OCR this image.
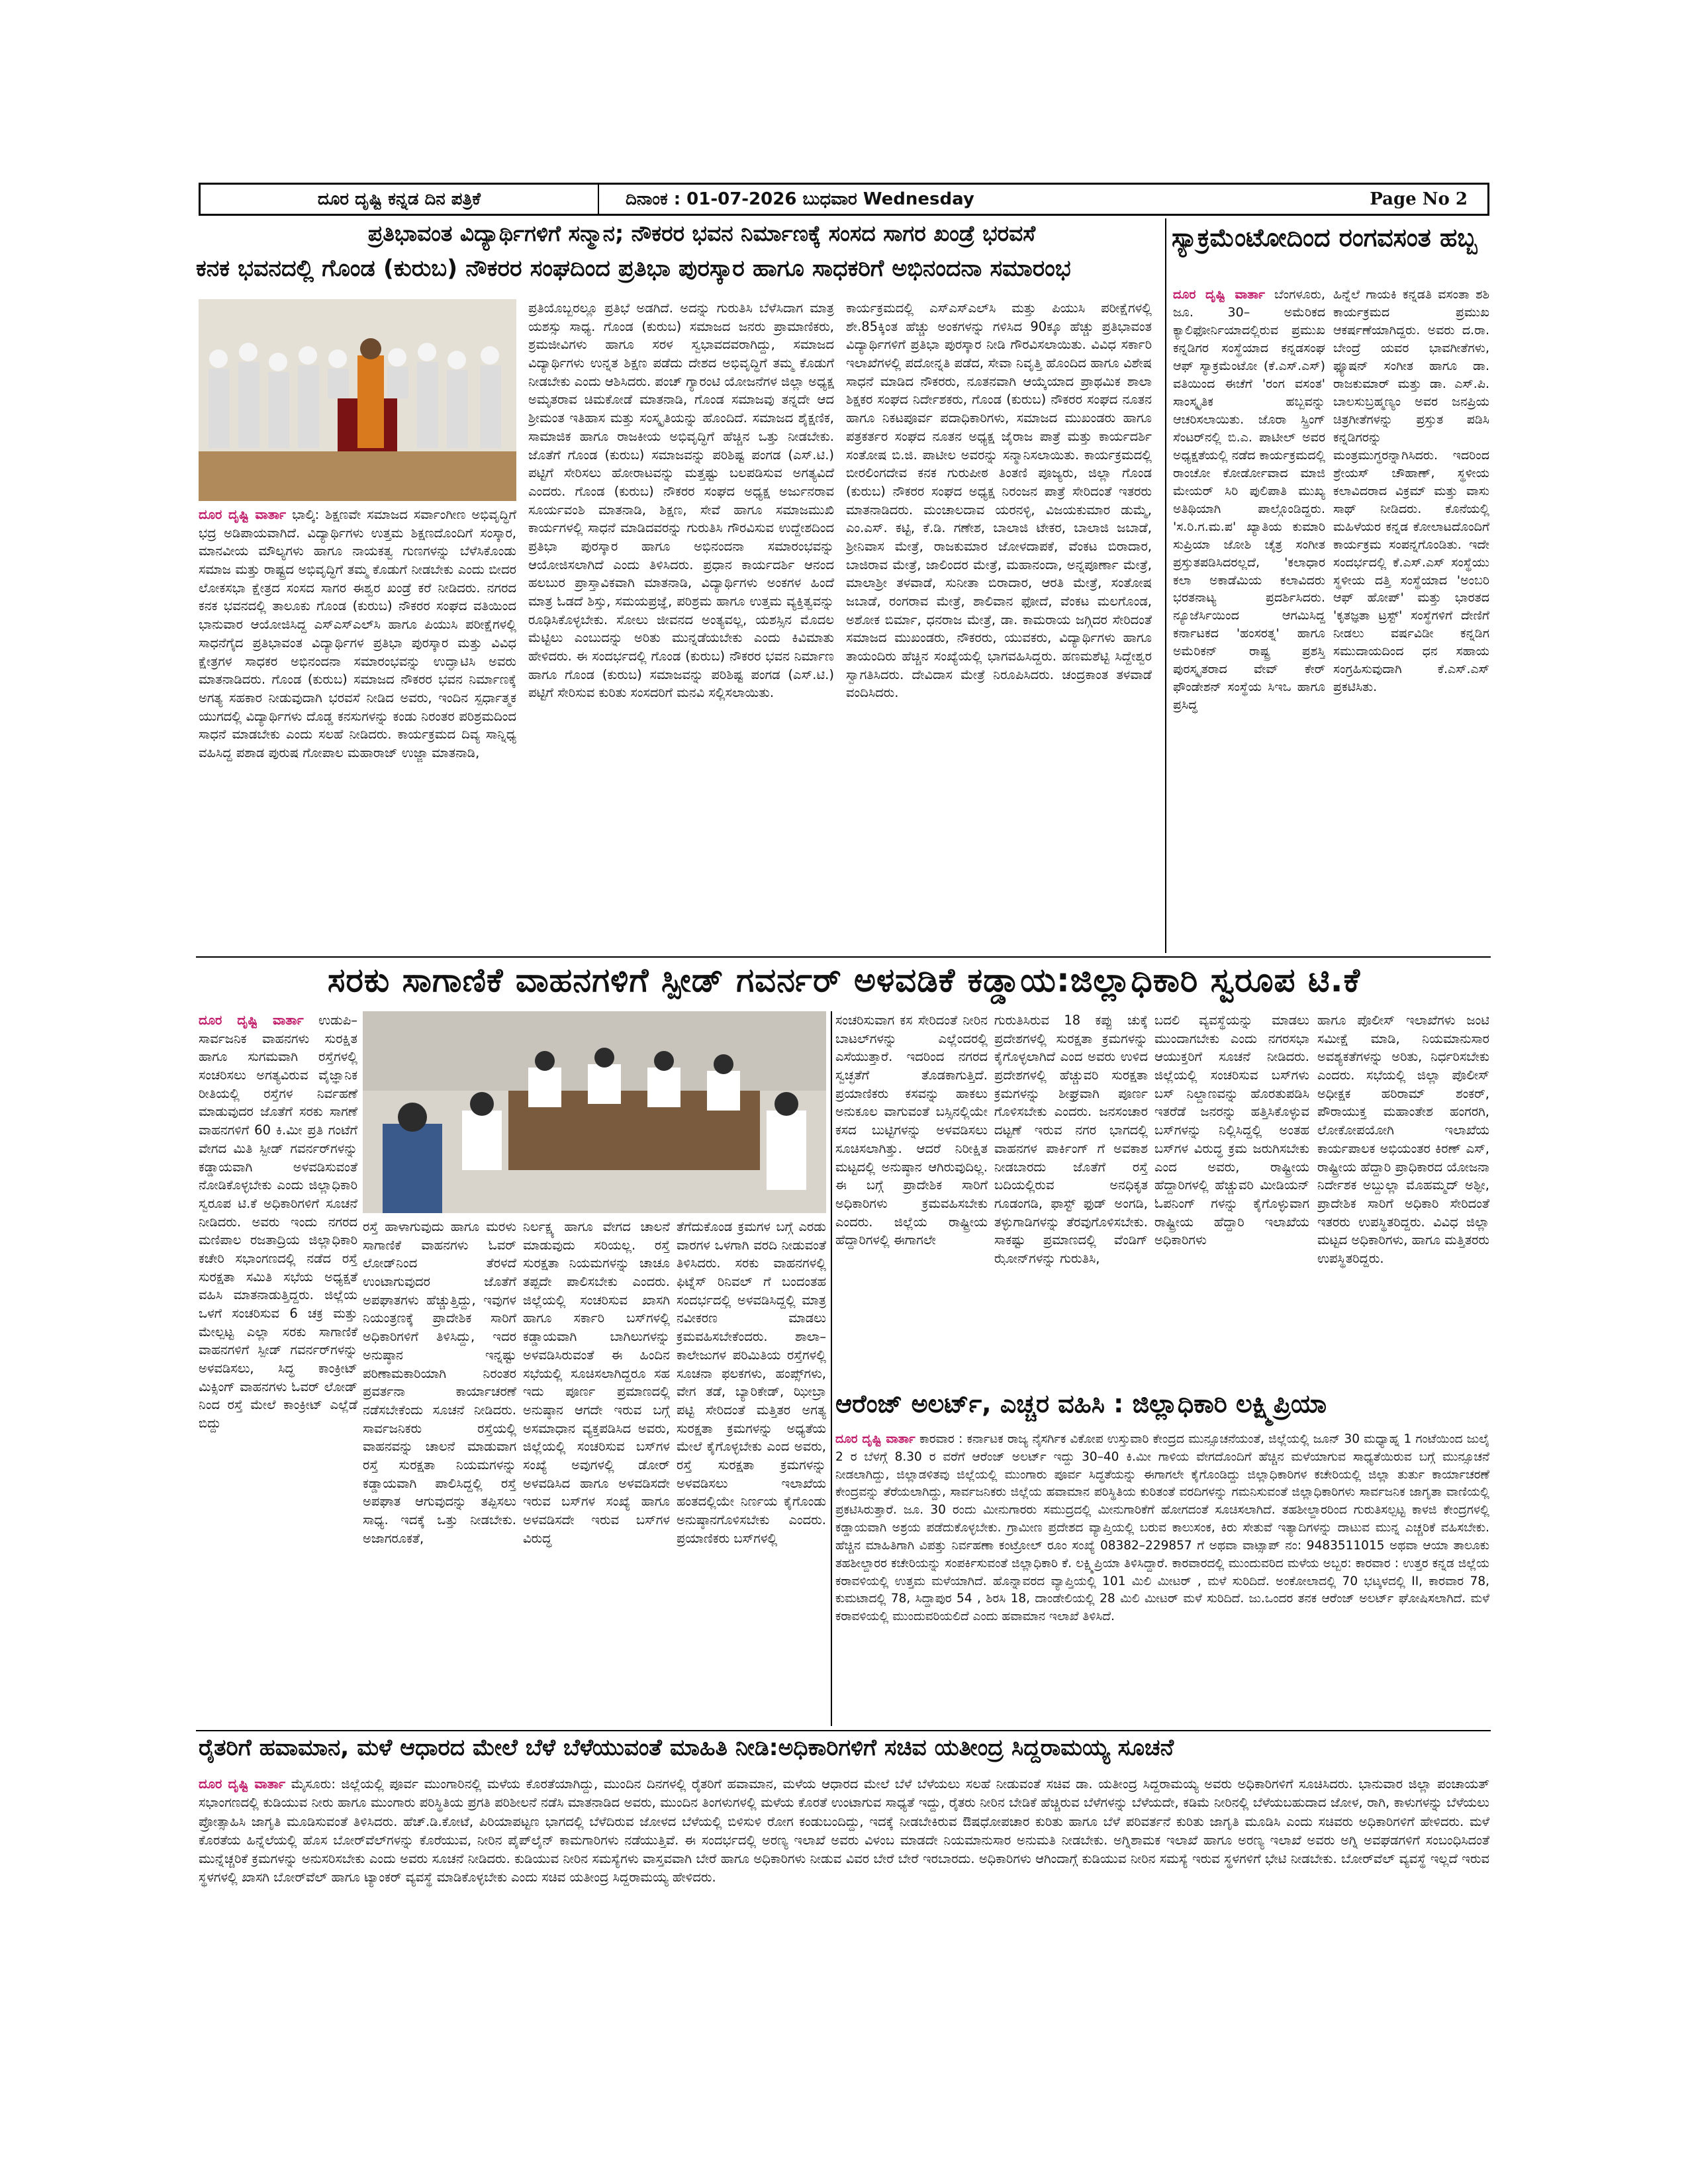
ದೂರ ದೃಷ್ಟಿ ಕನ್ನಡ ದಿನ ಪತ್ರಿಕೆ	ದಿನಾಂಕ : 01-07-2026 ಬುಧವಾರ Wednesday	Page No 2
ಪ್ರತಿಭಾವಂತ ವಿದ್ಯಾರ್ಥಿಗಳಿಗೆ ಸನ್ಮಾನ; ನೌಕರರ ಭವನ ನಿರ್ಮಾಣಕ್ಕೆ ಸಂಸದ ಸಾಗರ ಖಂಡ್ರೆ ಭರವಸೆ
ಕನಕ ಭವನದಲ್ಲಿ ಗೊಂಡ (ಕುರುಬ) ನೌಕರರ ಸಂಘದಿಂದ ಪ್ರತಿಭಾ ಪುರಸ್ಕಾರ ಹಾಗೂ ಸಾಧಕರಿಗೆ ಅಭಿನಂದನಾ ಸಮಾರಂಭ
ದೂರ ದೃಷ್ಟಿ ವಾರ್ತಾ ಭಾಲ್ಕಿ: ಶಿಕ್ಷಣವೇ ಸಮಾಜದ ಸರ್ವಾಂಗೀಣ ಅಭಿವೃದ್ಧಿಗೆ ಭದ್ರ ಅಡಿಪಾಯವಾಗಿದೆ. ವಿದ್ಯಾರ್ಥಿಗಳು ಉತ್ತಮ ಶಿಕ್ಷಣದೊಂದಿಗೆ ಸಂಸ್ಕಾರ, ಮಾನವೀಯ ಮೌಲ್ಯಗಳು ಹಾಗೂ ನಾಯಕತ್ವ ಗುಣಗಳನ್ನು ಬೆಳೆಸಿಕೊಂಡು ಸಮಾಜ ಮತ್ತು ರಾಷ್ಟ್ರದ ಅಭಿವೃದ್ಧಿಗೆ ತಮ್ಮ ಕೊಡುಗೆ ನೀಡಬೇಕು ಎಂದು ಬೀದರ ಲೋಕಸಭಾ ಕ್ಷೇತ್ರದ ಸಂಸದ ಸಾಗರ ಈಶ್ವರ ಖಂಡ್ರೆ ಕರೆ ನೀಡಿದರು. ನಗರದ ಕನಕ ಭವನದಲ್ಲಿ ತಾಲೂಕು ಗೊಂಡ (ಕುರುಬ) ನೌಕರರ ಸಂಘದ ವತಿಯಿಂದ ಭಾನುವಾರ ಆಯೋಜಿಸಿದ್ದ ಎಸ್‌ಎಸ್‌ಎಲ್‌ಸಿ ಹಾಗೂ ಪಿಯುಸಿ ಪರೀಕ್ಷೆಗಳಲ್ಲಿ ಸಾಧನೆಗೈದ ಪ್ರತಿಭಾವಂತ ವಿದ್ಯಾರ್ಥಿಗಳ ಪ್ರತಿಭಾ ಪುರಸ್ಕಾರ ಮತ್ತು ವಿವಿಧ ಕ್ಷೇತ್ರಗಳ ಸಾಧಕರ ಅಭಿನಂದನಾ ಸಮಾರಂಭವನ್ನು ಉದ್ಘಾಟಿಸಿ ಅವರು ಮಾತನಾಡಿದರು. ಗೊಂಡ (ಕುರುಬ) ಸಮಾಜದ ನೌಕರರ ಭವನ ನಿರ್ಮಾಣಕ್ಕೆ ಅಗತ್ಯ ಸಹಕಾರ ನೀಡುವುದಾಗಿ ಭರವಸೆ ನೀಡಿದ ಅವರು, ಇಂದಿನ ಸ್ಪರ್ಧಾತ್ಮಕ ಯುಗದಲ್ಲಿ ವಿದ್ಯಾರ್ಥಿಗಳು ದೊಡ್ಡ ಕನಸುಗಳನ್ನು ಕಂಡು ನಿರಂತರ ಪರಿಶ್ರಮದಿಂದ ಸಾಧನೆ ಮಾಡಬೇಕು ಎಂದು ಸಲಹೆ ನೀಡಿದರು. ಕಾರ್ಯಕ್ರಮದ ದಿವ್ಯ ಸಾನ್ನಿಧ್ಯ ವಹಿಸಿದ್ದ ಪಶಾಡ ಪುರುಷ ಗೋಪಾಲ ಮಹಾರಾಜ್ ಉಜ್ಜಾ ಮಾತನಾಡಿ,
ಪ್ರತಿಯೊಬ್ಬರಲ್ಲೂ ಪ್ರತಿಭೆ ಅಡಗಿದೆ. ಅದನ್ನು ಗುರುತಿಸಿ ಬೆಳೆಸಿದಾಗ ಮಾತ್ರ ಯಶಸ್ಸು ಸಾಧ್ಯ. ಗೊಂಡ (ಕುರುಬ) ಸಮಾಜದ ಜನರು ಪ್ರಾಮಾಣಿಕರು, ಶ್ರಮಜೀವಿಗಳು ಹಾಗೂ ಸರಳ ಸ್ವಭಾವದವರಾಗಿದ್ದು, ಸಮಾಜದ ವಿದ್ಯಾರ್ಥಿಗಳು ಉನ್ನತ ಶಿಕ್ಷಣ ಪಡೆದು ದೇಶದ ಅಭಿವೃದ್ಧಿಗೆ ತಮ್ಮ ಕೊಡುಗೆ ನೀಡಬೇಕು ಎಂದು ಆಶಿಸಿದರು. ಪಂಚ್ ಗ್ಯಾರಂಟಿ ಯೋಜನೆಗಳ ಜಿಲ್ಲಾ ಅಧ್ಯಕ್ಷ ಅಮೃತರಾವ ಚಿಮಕೋಡೆ ಮಾತನಾಡಿ, ಗೊಂಡ ಸಮಾಜವು ತನ್ನದೇ ಆದ ಶ್ರೀಮಂತ ಇತಿಹಾಸ ಮತ್ತು ಸಂಸ್ಕೃತಿಯನ್ನು ಹೊಂದಿದೆ. ಸಮಾಜದ ಶೈಕ್ಷಣಿಕ, ಸಾಮಾಜಿಕ ಹಾಗೂ ರಾಜಕೀಯ ಅಭಿವೃದ್ಧಿಗೆ ಹೆಚ್ಚಿನ ಒತ್ತು ನೀಡಬೇಕು. ಜೊತೆಗೆ ಗೊಂಡ (ಕುರುಬ) ಸಮಾಜವನ್ನು ಪರಿಶಿಷ್ಟ ಪಂಗಡ (ಎಸ್.ಟಿ.) ಪಟ್ಟಿಗೆ ಸೇರಿಸಲು ಹೋರಾಟವನ್ನು ಮತ್ತಷ್ಟು ಬಲಪಡಿಸುವ ಅಗತ್ಯವಿದೆ ಎಂದರು. ಗೊಂಡ (ಕುರುಬ) ನೌಕರರ ಸಂಘದ ಅಧ್ಯಕ್ಷ ಅರ್ಜುನರಾವ ಸೂರ್ಯವಂಶಿ ಮಾತನಾಡಿ, ಶಿಕ್ಷಣ, ಸೇವೆ ಹಾಗೂ ಸಮಾಜಮುಖಿ ಕಾರ್ಯಗಳಲ್ಲಿ ಸಾಧನೆ ಮಾಡಿದವರನ್ನು ಗುರುತಿಸಿ ಗೌರವಿಸುವ ಉದ್ದೇಶದಿಂದ ಪ್ರತಿಭಾ ಪುರಸ್ಕಾರ ಹಾಗೂ ಅಭಿನಂದನಾ ಸಮಾರಂಭವನ್ನು ಆಯೋಜಿಸಲಾಗಿದೆ ಎಂದು ತಿಳಿಸಿದರು. ಪ್ರಧಾನ ಕಾರ್ಯದರ್ಶಿ ಆನಂದ ಹಲಬುರ ಪ್ರಾಸ್ತಾವಿಕವಾಗಿ ಮಾತನಾಡಿ, ವಿದ್ಯಾರ್ಥಿಗಳು ಅಂಕಗಳ ಹಿಂದೆ ಮಾತ್ರ ಓಡದೆ ಶಿಸ್ತು, ಸಮಯಪ್ರಜ್ಞೆ, ಪರಿಶ್ರಮ ಹಾಗೂ ಉತ್ತಮ ವ್ಯಕ್ತಿತ್ವವನ್ನು ರೂಢಿಸಿಕೊಳ್ಳಬೇಕು. ಸೋಲು ಜೀವನದ ಅಂತ್ಯವಲ್ಲ, ಯಶಸ್ಸಿನ ಮೊದಲ ಮೆಟ್ಟಿಲು ಎಂಬುದನ್ನು ಅರಿತು ಮುನ್ನಡೆಯಬೇಕು ಎಂದು ಕಿವಿಮಾತು ಹೇಳಿದರು. ಈ ಸಂದರ್ಭದಲ್ಲಿ ಗೊಂಡ (ಕುರುಬ) ನೌಕರರ ಭವನ ನಿರ್ಮಾಣ ಹಾಗೂ ಗೊಂಡ (ಕುರುಬ) ಸಮಾಜವನ್ನು ಪರಿಶಿಷ್ಟ ಪಂಗಡ (ಎಸ್.ಟಿ.) ಪಟ್ಟಿಗೆ ಸೇರಿಸುವ ಕುರಿತು ಸಂಸದರಿಗೆ ಮನವಿ ಸಲ್ಲಿಸಲಾಯಿತು.
ಕಾರ್ಯಕ್ರಮದಲ್ಲಿ ಎಸ್‌ಎಸ್‌ಎಲ್‌ಸಿ ಮತ್ತು ಪಿಯುಸಿ ಪರೀಕ್ಷೆಗಳಲ್ಲಿ ಶೇ.85ಕ್ಕಿಂತ ಹೆಚ್ಚು ಅಂಕಗಳನ್ನು ಗಳಿಸಿದ 90ಕ್ಕೂ ಹೆಚ್ಚು ಪ್ರತಿಭಾವಂತ ವಿದ್ಯಾರ್ಥಿಗಳಿಗೆ ಪ್ರತಿಭಾ ಪುರಸ್ಕಾರ ನೀಡಿ ಗೌರವಿಸಲಾಯಿತು. ವಿವಿಧ ಸರ್ಕಾರಿ ಇಲಾಖೆಗಳಲ್ಲಿ ಪದೋನ್ನತಿ ಪಡೆದ, ಸೇವಾ ನಿವೃತ್ತಿ ಹೊಂದಿದ ಹಾಗೂ ವಿಶೇಷ ಸಾಧನೆ ಮಾಡಿದ ನೌಕರರು, ನೂತನವಾಗಿ ಆಯ್ಕೆಯಾದ ಪ್ರಾಥಮಿಕ ಶಾಲಾ ಶಿಕ್ಷಕರ ಸಂಘದ ನಿರ್ದೇಶಕರು, ಗೊಂಡ (ಕುರುಬ) ನೌಕರರ ಸಂಘದ ನೂತನ ಹಾಗೂ ನಿಕಟಪೂರ್ವ ಪದಾಧಿಕಾರಿಗಳು, ಸಮಾಜದ ಮುಖಂಡರು ಹಾಗೂ ಪತ್ರಕರ್ತರ ಸಂಘದ ನೂತನ ಅಧ್ಯಕ್ಷ ಜೈರಾಜ ಪಾತ್ರೆ ಮತ್ತು ಕಾರ್ಯದರ್ಶಿ ಸಂತೋಷ ಬಿ.ಜಿ. ಪಾಟೀಲ ಅವರನ್ನು ಸನ್ಮಾನಿಸಲಾಯಿತು. ಕಾರ್ಯಕ್ರಮದಲ್ಲಿ ಬೀರಲಿಂಗದೇವ ಕನಕ ಗುರುಪೀಠ ತಿಂತಣಿ ಪೂಜ್ಯರು, ಜಿಲ್ಲಾ ಗೊಂಡ (ಕುರುಬ) ನೌಕರರ ಸಂಘದ ಅಧ್ಯಕ್ಷ ನಿರಂಜನ ಪಾತ್ರೆ ಸೇರಿದಂತೆ ಇತರರು ಮಾತನಾಡಿದರು. ಮಂಚಾಲದಾವ ಯರನಳ್ಳಿ, ವಿಜಯಕುಮಾರ ಡುಮ್ಮೆ, ಎಂ.ಎಸ್. ಕಟ್ಟಿ, ಕೆ.ಡಿ. ಗಣೇಶ, ಬಾಲಾಜಿ ಟೇಕರ, ಬಾಲಾಜಿ ಜಬಾಡೆ, ಶ್ರೀನಿವಾಸ ಮೇತ್ರೆ, ರಾಜಕುಮಾರ ಜೋಳದಾಪಕೆ, ವೆಂಕಟ ಬಿರಾದಾರ, ಬಾಜಿರಾವ ಮೇತ್ರೆ, ಜಾಲಿಂದರ ಮೇತ್ರೆ, ಮಹಾನಂದಾ, ಅನ್ನಪೂರ್ಣಾ ಮೇತ್ರೆ, ಮಾಲಾಶ್ರೀ ತಳವಾಡೆ, ಸುನೀತಾ ಬಿರಾದಾರ, ಆರತಿ ಮೇತ್ರೆ, ಸಂತೋಷ ಜಬಾಡೆ, ರಂಗರಾವ ಮೇತ್ರೆ, ಶಾಲಿವಾನ ಫೋದೆ, ವೆಂಕಟ ಮಲಗೊಂಡ, ಅಶೋಕ ಬಿರ್ಮಾ, ಧನರಾಜ ಮೇತ್ರೆ, ಡಾ. ಕಾಮರಾಯ ಜಗ್ಗಿದರ ಸೇರಿದಂತೆ ಸಮಾಜದ ಮುಖಂಡರು, ನೌಕರರು, ಯುವಕರು, ವಿದ್ಯಾರ್ಥಿಗಳು ಹಾಗೂ ತಾಯಂದಿರು ಹೆಚ್ಚಿನ ಸಂಖ್ಯೆಯಲ್ಲಿ ಭಾಗವಹಿಸಿದ್ದರು. ಹಣಮಶೆಟ್ಟಿ ಸಿದ್ದೇಶ್ವರ ಸ್ವಾಗತಿಸಿದರು. ದೇವಿದಾಸ ಮೇತ್ರೆ ನಿರೂಪಿಸಿದರು. ಚಂದ್ರಕಾಂತ ತಳವಾಡೆ ವಂದಿಸಿದರು.
ಸ್ಯಾಕ್ರಮೆಂಟೋದಿಂದ ರಂಗವಸಂತ ಹಬ್ಬ
ದೂರ ದೃಷ್ಟಿ ವಾರ್ತಾ ಬೆಂಗಳೂರು, ಜೂ. 30– ಅಮೆರಿಕದ ಕ್ಯಾಲಿಫೋರ್ನಿಯಾದಲ್ಲಿರುವ ಪ್ರಮುಖ ಕನ್ನಡಿಗರ ಸಂಸ್ಥೆಯಾದ ಕನ್ನಡಸಂಘ ಆಫ್ ಸ್ಯಾಕ್ರಮೆಂಟೋ (ಕೆ.ಎಸ್.ಎಸ್) ವತಿಯಿಂದ ಈಚೆಗೆ 'ರಂಗ ವಸಂತ' ಸಾಂಸ್ಕೃತಿಕ ಹಬ್ಬವನ್ನು ಆಚರಿಸಲಾಯಿತು. ಜೊರಾ ಸ್ಪ್ರಿಂಗ್ ಸೆಂಟರ್‌ನಲ್ಲಿ ಬಿ.ಎ. ಪಾಟೀಲ್ ಅವರ ಅಧ್ಯಕ್ಷತೆಯಲ್ಲಿ ನಡೆದ ಕಾರ್ಯಕ್ರಮದಲ್ಲಿ ರಾಂಚೋ ಕೋರ್ಡೋವಾದ ಮಾಜಿ ಮೇಯರ್ ಸಿರಿ ಪುಲಿಪಾತಿ ಮುಖ್ಯ ಅತಿಥಿಯಾಗಿ ಪಾಲ್ಗೊಂಡಿದ್ದರು. 'ಸ.ರಿ.ಗ.ಮ.ಪ' ಖ್ಯಾತಿಯ ಕುಮಾರಿ ಸುಪ್ರಿಯಾ ಜೋಶಿ ಚೈತ್ರ ಸಂಗೀತ ಪ್ರಸ್ತುತಪಡಿಸಿದರಲ್ಲದೆ, 'ಕಲಾಧಾರ ಕಲಾ ಅಕಾಡೆಮಿಯ ಕಲಾವಿದರು ಭರತನಾಟ್ಯ ಪ್ರದರ್ಶಿಸಿದರು. ನ್ಯೂಜೆರ್ಸಿಯಿಂದ ಆಗಮಿಸಿದ್ದ ಕರ್ನಾಟಕದ 'ಹಂಸರತ್ನ' ಹಾಗೂ ಅಮೆರಿಕನ್ ರಾಷ್ಟ್ರ ಪ್ರಶಸ್ತಿ ಪುರಸ್ಕೃತರಾದ ವೇವ್ ಕೇರ್ ಫೌಂಡೇಶನ್ ಸಂಸ್ಥೆಯ ಸಿಇಒ ಹಾಗೂ ಪ್ರಸಿದ್ಧ
ಹಿನ್ನೆಲೆ ಗಾಯಕಿ ಕನ್ನಡತಿ ವಸಂತಾ ಶಶಿ ಕಾರ್ಯಕ್ರಮದ ಪ್ರಮುಖ ಆಕರ್ಷಣೆಯಾಗಿದ್ದರು. ಅವರು ದ.ರಾ. ಬೇಂದ್ರೆ ಯವರ ಭಾವಗೀತೆಗಳು, ಫ್ಯೂಷನ್ ಸಂಗೀತ ಹಾಗೂ ಡಾ. ರಾಜಕುಮಾರ್ ಮತ್ತು ಡಾ. ಎಸ್.ಪಿ. ಬಾಲಸುಬ್ರಹ್ಮಣ್ಯಂ ಅವರ ಜನಪ್ರಿಯ ಚಿತ್ರಗೀತೆಗಳನ್ನು ಪ್ರಸ್ತುತ ಪಡಿಸಿ ಕನ್ನಡಿಗರನ್ನು ಮಂತ್ರಮುಗ್ಧರನ್ನಾಗಿಸಿದರು. ಇದರಿಂದ ಶ್ರೇಯಸ್ ಚೌಹಾಣ್, ಸ್ಥಳೀಯ ಕಲಾವಿದರಾದ ವಿಕ್ರಮ್ ಮತ್ತು ವಾಸು ಸಾಥ್ ನೀಡಿದರು. ಕೊನೆಯಲ್ಲಿ ಮಹಿಳೆಯರ ಕನ್ನಡ ಕೋಲಾಟದೊಂದಿಗೆ ಕಾರ್ಯಕ್ರಮ ಸಂಪನ್ನಗೊಂಡಿತು. ಇದೇ ಸಂದರ್ಭದಲ್ಲಿ ಕೆ.ಎಸ್.ಎಸ್ ಸಂಸ್ಥೆಯು ಸ್ಥಳೀಯ ದತ್ತಿ ಸಂಸ್ಥೆಯಾದ 'ಅಂಬರಿ ಆಫ್ ಹೋಪ್' ಮತ್ತು ಭಾರತದ 'ಕೃತಜ್ಞತಾ ಟ್ರಸ್ಟ್' ಸಂಸ್ಥೆಗಳಿಗೆ ದೇಣಿಗೆ ನೀಡಲು ವರ್ಷವಿಡೀ ಕನ್ನಡಿಗ ಸಮುದಾಯದಿಂದ ಧನ ಸಹಾಯ ಸಂಗ್ರಹಿಸುವುದಾಗಿ ಕೆ.ಎಸ್.ಎಸ್ ಪ್ರಕಟಿಸಿತು.
ಸರಕು ಸಾಗಾಣಿಕೆ ವಾಹನಗಳಿಗೆ ಸ್ಪೀಡ್ ಗವರ್ನರ್ ಅಳವಡಿಕೆ ಕಡ್ಡಾಯ:ಜಿಲ್ಲಾಧಿಕಾರಿ ಸ್ವರೂಪ ಟಿ.ಕೆ
ದೂರ ದೃಷ್ಟಿ ವಾರ್ತಾ ಉಡುಪಿ– ಸಾರ್ವಜನಿಕ ವಾಹನಗಳು ಸುರಕ್ಷಿತ ಹಾಗೂ ಸುಗಮವಾಗಿ ರಸ್ತೆಗಳಲ್ಲಿ ಸಂಚರಿಸಲು ಅಗತ್ಯವಿರುವ ವೈಜ್ಞಾನಿಕ ರೀತಿಯಲ್ಲಿ ರಸ್ತೆಗಳ ನಿರ್ವಹಣೆ ಮಾಡುವುದರ ಜೊತೆಗೆ ಸರಕು ಸಾಗಣೆ ವಾಹನಗಳಿಗೆ 60 ಕಿ.ಮೀ ಪ್ರತಿ ಗಂಟೆಗೆ ವೇಗದ ಮಿತಿ ಸ್ಪೀಡ್ ಗವರ್ನರ್‌ಗಳನ್ನು ಕಡ್ಡಾಯವಾಗಿ ಅಳವಡಿಸುವಂತೆ ನೋಡಿಕೊಳ್ಳಬೇಕು ಎಂದು ಜಿಲ್ಲಾಧಿಕಾರಿ ಸ್ವರೂಪ ಟಿ.ಕೆ ಅಧಿಕಾರಿಗಳಿಗೆ ಸೂಚನೆ ನೀಡಿದರು. ಅವರು ಇಂದು ನಗರದ ಮಣಿಪಾಲ ರಜತಾದ್ರಿಯ ಜಿಲ್ಲಾಧಿಕಾರಿ ಕಚೇರಿ ಸಭಾಂಗಣದಲ್ಲಿ ನಡೆದ ರಸ್ತೆ ಸುರಕ್ಷತಾ ಸಮಿತಿ ಸಭೆಯ ಅಧ್ಯಕ್ಷತೆ ವಹಿಸಿ ಮಾತನಾಡುತ್ತಿದ್ದರು. ಜಿಲ್ಲೆಯ ಒಳಗೆ ಸಂಚರಿಸುವ 6 ಚಕ್ರ ಮತ್ತು ಮೇಲ್ಪಟ್ಟ ಎಲ್ಲಾ ಸರಕು ಸಾಗಾಣಿಕೆ ವಾಹನಗಳಿಗೆ ಸ್ಪೀಡ್ ಗವರ್ನರ್‌ಗಳನ್ನು ಅಳವಡಿಸಲು, ಸಿದ್ಧ ಕಾಂಕ್ರೀಟ್ ಮಿಕ್ಸಿಂಗ್ ವಾಹನಗಳು ಓವರ್ ಲೋಡ್ ನಿಂದ ರಸ್ತೆ ಮೇಲೆ ಕಾಂಕ್ರೀಟ್ ಎಲ್ಲೆಡೆ ಬಿದ್ದು
ರಸ್ತೆ ಹಾಳಾಗುವುದು ಹಾಗೂ ಮರಳು ಸಾಗಾಣಿಕೆ ವಾಹನಗಳು ಓವರ್ ಲೋಡ್‌ನಿಂದ ತೆರಳದೆ ಉಂಟಾಗುವುದರ ಜೊತೆಗೆ ಅಪಘಾತಗಳು ಹೆಚ್ಚುತ್ತಿದ್ದು, ಇವುಗಳ ನಿಯಂತ್ರಣಕ್ಕೆ ಪ್ರಾದೇಶಿಕ ಸಾರಿಗೆ ಅಧಿಕಾರಿಗಳಿಗೆ ತಿಳಿಸಿದ್ದು, ಇದರ ಅನುಷ್ಠಾನ ಇನ್ನಷ್ಟು ಪರಿಣಾಮಕಾರಿಯಾಗಿ ನಿರಂತರ ಪ್ರವರ್ತನಾ ಕಾರ್ಯಾಚರಣೆ ನಡೆಸಬೇಕೆಂದು ಸೂಚನೆ ನೀಡಿದರು. ಸಾರ್ವಜನಿಕರು ರಸ್ತೆಯಲ್ಲಿ ವಾಹನವನ್ನು ಚಾಲನೆ ಮಾಡುವಾಗ ರಸ್ತೆ ಸುರಕ್ಷತಾ ನಿಯಮಗಳನ್ನು ಕಡ್ಡಾಯವಾಗಿ ಪಾಲಿಸಿದ್ದಲ್ಲಿ ರಸ್ತೆ ಅಪಘಾತ ಆಗುವುದನ್ನು ತಪ್ಪಿಸಲು ಸಾಧ್ಯ. ಇದಕ್ಕೆ ಒತ್ತು ನೀಡಬೇಕು. ಅಜಾಗರೂಕತೆ,
ನಿರ್ಲಕ್ಷ್ಯ ಹಾಗೂ ವೇಗದ ಚಾಲನೆ ಮಾಡುವುದು ಸರಿಯಲ್ಲ. ರಸ್ತೆ ಸುರಕ್ಷತಾ ನಿಯಮಗಳನ್ನು ಚಾಚೂ ತಪ್ಪದೇ ಪಾಲಿಸಬೇಕು ಎಂದರು. ಜಿಲ್ಲೆಯಲ್ಲಿ ಸಂಚರಿಸುವ ಖಾಸಗಿ ಹಾಗೂ ಸರ್ಕಾರಿ ಬಸ್‌ಗಳಲ್ಲಿ ಕಡ್ಡಾಯವಾಗಿ ಬಾಗಿಲುಗಳನ್ನು ಅಳವಡಿಸಿರುವಂತೆ ಈ ಹಿಂದಿನ ಸಭೆಯಲ್ಲಿ ಸೂಚಿಸಲಾಗಿದ್ದರೂ ಸಹ ಇದು ಪೂರ್ಣ ಪ್ರಮಾಣದಲ್ಲಿ ಅನುಷ್ಠಾನ ಆಗದೇ ಇರುವ ಬಗ್ಗೆ ಅಸಮಾಧಾನ ವ್ಯಕ್ತಪಡಿಸಿದ ಅವರು, ಜಿಲ್ಲೆಯಲ್ಲಿ ಸಂಚರಿಸುವ ಬಸ್‌ಗಳ ಸಂಖ್ಯೆ ಅವುಗಳಲ್ಲಿ ಡೋರ್ ಅಳವಡಿಸಿದ ಹಾಗೂ ಅಳವಡಿಸದೇ ಇರುವ ಬಸ್‌ಗಳ ಸಂಖ್ಯೆ ಹಾಗೂ ಅಳವಡಿಸದೇ ಇರುವ ಬಸ್‌ಗಳ ವಿರುದ್ಧ
ತೆಗೆದುಕೊಂಡ ಕ್ರಮಗಳ ಬಗ್ಗೆ ಎರಡು ವಾರಗಳ ಒಳಗಾಗಿ ವರದಿ ನೀಡುವಂತೆ ತಿಳಿಸಿದರು. ಸರಕು ವಾಹನಗಳಲ್ಲಿ ಫಿಟ್ನೆಸ್ ರಿನಿವಲ್ ಗೆ ಬಂದಂತಹ ಸಂದರ್ಭದಲ್ಲಿ ಅಳವಡಿಸಿದ್ದಲ್ಲಿ ಮಾತ್ರ ನವೀಕರಣ ಮಾಡಲು ಕ್ರಮವಹಿಸಬೇಕೆಂದರು. ಶಾಲಾ–ಕಾಲೇಜುಗಳ ಪರಿಮಿತಿಯ ರಸ್ತೆಗಳಲ್ಲಿ ಸೂಚನಾ ಫಲಕಗಳು, ಹಂಪ್ಸ್‌ಗಳು, ವೇಗ ತಡೆ, ಬ್ಯಾರಿಕೇಡ್, ಝೀಬ್ರಾ ಪಟ್ಟಿ ಸೇರಿದಂತೆ ಮತ್ತಿತರ ಅಗತ್ಯ ಸುರಕ್ಷತಾ ಕ್ರಮಗಳನ್ನು ಅಧ್ಯತೆಯ ಮೇಲೆ ಕೈಗೊಳ್ಳಬೇಕು ಎಂದ ಅವರು, ರಸ್ತೆ ಸುರಕ್ಷತಾ ಕ್ರಮಗಳನ್ನು ಅಳವಡಿಸಲು ಇಲಾಖೆಯ ಹಂತದಲ್ಲಿಯೇ ನಿರ್ಣಯ ಕೈಗೊಂಡು ಅನುಷ್ಠಾನಗೊಳಿಸಬೇಕು ಎಂದರು. ಪ್ರಯಾಣಿಕರು ಬಸ್‌ಗಳಲ್ಲಿ
ಸಂಚರಿಸುವಾಗ ಕಸ ಸೇರಿದಂತೆ ನೀರಿನ ಬಾಟಲ್‌ಗಳನ್ನು ಎಲ್ಲೆಂದರಲ್ಲಿ ಎಸೆಯುತ್ತಾರೆ. ಇದರಿಂದ ನಗರದ ಸ್ವಚ್ಛತೆಗೆ ತೊಡಕಾಗುತ್ತಿದೆ. ಪ್ರಯಾಣಿಕರು ಕಸವನ್ನು ಹಾಕಲು ಅನುಕೂಲ ವಾಗುವಂತೆ ಬಸ್ಸಿನಲ್ಲಿಯೇ ಕಸದ ಬುಟ್ಟಿಗಳನ್ನು ಅಳವಡಿಸಲು ಸೂಚಿಸಲಾಗಿತ್ತು. ಆದರೆ ನಿರೀಕ್ಷಿತ ಮಟ್ಟದಲ್ಲಿ ಅನುಷ್ಠಾನ ಆಗಿರುವುದಿಲ್ಲ. ಈ ಬಗ್ಗೆ ಪ್ರಾದೇಶಿಕ ಸಾರಿಗೆ ಅಧಿಕಾರಿಗಳು ಕ್ರಮವಹಿಸಬೇಕು ಎಂದರು. ಜಿಲ್ಲೆಯ ರಾಷ್ಟ್ರೀಯ ಹೆದ್ದಾರಿಗಳಲ್ಲಿ ಈಗಾಗಲೇ
ಗುರುತಿಸಿರುವ 18 ಕಪ್ಪು ಚುಕ್ಕೆ ಪ್ರದೇಶಗಳಲ್ಲಿ ಸುರಕ್ಷತಾ ಕ್ರಮಗಳನ್ನು ಕೈಗೊಳ್ಳಲಾಗಿದೆ ಎಂದ ಅವರು ಉಳಿದ ಪ್ರದೇಶಗಳಲ್ಲಿ ಹೆಚ್ಚುವರಿ ಸುರಕ್ಷತಾ ಕ್ರಮಗಳನ್ನು ಶೀಘ್ರವಾಗಿ ಪೂರ್ಣ ಗೊಳಿಸಬೇಕು ಎಂದರು. ಜನಸಂಚಾರ ದಟ್ಟಣೆ ಇರುವ ನಗರ ಭಾಗದಲ್ಲಿ ವಾಹನಗಳ ಪಾರ್ಕಿಂಗ್ ಗೆ ಅವಕಾಶ ನೀಡಬಾರದು ಜೊತೆಗೆ ರಸ್ತೆ ಬದಿಯಲ್ಲಿರುವ ಅನಧಿಕೃತ ಗೂಡಂಗಡಿ, ಫಾಸ್ಟ್ ಫುಡ್ ಅಂಗಡಿ, ತಳ್ಳುಗಾಡಿಗಳನ್ನು ತೆರವುಗೊಳಿಸಬೇಕು. ಸಾಕಷ್ಟು ಪ್ರಮಾಣದಲ್ಲಿ ವೆಂಡಿಗ್ ಝೋನ್‌ಗಳನ್ನು ಗುರುತಿಸಿ,
ಬದಲಿ ವ್ಯವಸ್ಥೆಯನ್ನು ಮಾಡಲು ಮುಂದಾಗಬೇಕು ಎಂದು ನಗರಸಭಾ ಆಯುಕ್ತರಿಗೆ ಸೂಚನೆ ನೀಡಿದರು. ಜಿಲ್ಲೆಯಲ್ಲಿ ಸಂಚರಿಸುವ ಬಸ್‌ಗಳು ಬಸ್ ನಿಲ್ದಾಣವನ್ನು ಹೊರತುಪಡಿಸಿ ಇತರೆಡೆ ಜನರನ್ನು ಹತ್ತಿಸಿಕೊಳ್ಳುವ ಬಸ್‌ಗಳನ್ನು ನಿಲ್ಲಿಸಿದ್ದಲ್ಲಿ ಅಂತಹ ಬಸ್‌ಗಳ ವಿರುದ್ಧ ಕ್ರಮ ಜರುಗಿಸಬೇಕು ಎಂದ ಅವರು, ರಾಷ್ಟ್ರೀಯ ಹೆದ್ದಾರಿಗಳಲ್ಲಿ ಹೆಚ್ಚುವರಿ ಮೀಡಿಯನ್ ಓಪನಿಂಗ್ ಗಳನ್ನು ಕೈಗೊಳ್ಳುವಾಗ ರಾಷ್ಟ್ರೀಯ ಹೆದ್ದಾರಿ ಇಲಾಖೆಯ ಅಧಿಕಾರಿಗಳು
ಹಾಗೂ ಪೊಲೀಸ್ ಇಲಾಖೆಗಳು ಜಂಟಿ ಸಮೀಕ್ಷೆ ಮಾಡಿ, ನಿಯಮಾನುಸಾರ ಅವಶ್ಯಕತೆಗಳನ್ನು ಅರಿತು, ನಿರ್ಧರಿಸಬೇಕು ಎಂದರು. ಸಭೆಯಲ್ಲಿ ಜಿಲ್ಲಾ ಪೊಲೀಸ್ ಅಧೀಕ್ಷಕ ಹರಿರಾಮ್ ಶಂಕರ್, ಪೌರಾಯುಕ್ತ ಮಹಾಂತೇಶ ಹಂಗರಗಿ, ಲೋಕೋಪಯೋಗಿ ಇಲಾಖೆಯ ಕಾರ್ಯಪಾಲಕ ಅಭಿಯಂತರ ಕಿರಣ್ ಎಸ್, ರಾಷ್ಟ್ರೀಯ ಹೆದ್ದಾರಿ ಪ್ರಾಧಿಕಾರದ ಯೋಜನಾ ನಿರ್ದೇಶಕ ಅಬ್ದುಲ್ಲಾ ಮೊಹಮ್ಮದ್ ಅಶ್ಫೀ, ಪ್ರಾದೇಶಿಕ ಸಾರಿಗೆ ಅಧಿಕಾರಿ ಸೇರಿದಂತೆ ಇತರರು ಉಪಸ್ಥಿತರಿದ್ದರು. ವಿವಿಧ ಜಿಲ್ಲಾ ಮಟ್ಟದ ಅಧಿಕಾರಿಗಳು, ಹಾಗೂ ಮತ್ತಿತರರು ಉಪಸ್ಥಿತರಿದ್ದರು.
ಆರೆಂಜ್ ಅಲರ್ಟ್, ಎಚ್ಚರ ವಹಿಸಿ : ಜಿಲ್ಲಾಧಿಕಾರಿ ಲಕ್ಷ್ಮಿಪ್ರಿಯಾ
ದೂರ ದೃಷ್ಟಿ ವಾರ್ತಾ ಕಾರವಾರ : ಕರ್ನಾಟಕ ರಾಜ್ಯ ನೈಸರ್ಗಿಕ ವಿಕೋಪ ಉಸ್ತುವಾರಿ ಕೇಂದ್ರದ ಮುನ್ಸೂಚನೆಯಂತೆ, ಜಿಲ್ಲೆಯಲ್ಲಿ ಜೂನ್ 30 ಮಧ್ಯಾಹ್ನ 1 ಗಂಟೆಯಿಂದ ಜುಲೈ 2 ರ ಬೆಳಗ್ಗೆ 8.30 ರ ವರೆಗೆ ಆರೆಂಜ್ ಅಲರ್ಟ್ ಇದ್ದು 30–40 ಕಿ.ಮೀ ಗಾಳಿಯ ವೇಗದೊಂದಿಗೆ ಹೆಚ್ಚಿನ ಮಳೆಯಾಗುವ ಸಾಧ್ಯತೆಯಿರುವ ಬಗ್ಗೆ ಮುನ್ಸೂಚನೆ ನೀಡಲಾಗಿದ್ದು, ಜಿಲ್ಲಾಡಳಿತವು ಜಿಲ್ಲೆಯಲ್ಲಿ ಮುಂಗಾರು ಪೂರ್ವ ಸಿದ್ಧತೆಯನ್ನು ಈಗಾಗಲೇ ಕೈಗೊಂಡಿದ್ದು ಜಿಲ್ಲಾಧಿಕಾರಿಗಳ ಕಚೇರಿಯಲ್ಲಿ ಜಿಲ್ಲಾ ತುರ್ತು ಕಾರ್ಯಾಚರಣೆ ಕೇಂದ್ರವನ್ನು ತೆರೆಯಲಾಗಿದ್ದು, ಸಾರ್ವಜನಿಕರು ಜಿಲ್ಲೆಯ ಹವಾಮಾನ ಪರಿಸ್ಥಿತಿಯ ಕುರಿತಂತೆ ವರದಿಗಳನ್ನು ಗಮನಿಸುವಂತೆ ಜಿಲ್ಲಾಧಿಕಾರಿಗಳು ಸಾರ್ವಜನಿಕ ಜಾಗೃತಾ ವಾಣಿಯಲ್ಲಿ ಪ್ರಕಟಿಸಿರುತ್ತಾರೆ. ಜೂ. 30 ರಂದು ಮೀನುಗಾರರು ಸಮುದ್ರದಲ್ಲಿ ಮೀನುಗಾರಿಕೆಗೆ ಹೋಗದಂತೆ ಸೂಚಿಸಲಾಗಿದೆ. ತಹಶೀಲ್ದಾರರಿಂದ ಗುರುತಿಸಲ್ಪಟ್ಟ ಕಾಳಜಿ ಕೇಂದ್ರಗಳಲ್ಲಿ ಕಡ್ಡಾಯವಾಗಿ ಅಶ್ರಯ ಪಡೆದುಕೊಳ್ಳಬೇಕು. ಗ್ರಾಮೀಣ ಪ್ರದೇಶದ ವ್ಯಾಪ್ತಿಯಲ್ಲಿ ಬರುವ ಕಾಲುಸಂಕ, ಕಿರು ಸೇತುವೆ ಇತ್ಯಾದಿಗಳನ್ನು ದಾಟುವ ಮುನ್ನ ಎಚ್ಚರಿಕೆ ವಹಿಸಬೇಕು. ಹೆಚ್ಚಿನ ಮಾಹಿತಿಗಾಗಿ ವಿಪತ್ತು ನಿರ್ವಹಣಾ ಕಂಟ್ರೋಲ್ ರೂಂ ಸಂಖ್ಯೆ 08382–229857 ಗೆ ಅಥವಾ ವಾಟ್ಸಾಪ್ ನಂ: 9483511015 ಅಥವಾ ಆಯಾ ತಾಲೂಕು ತಹಶೀಲ್ದಾರರ ಕಚೇರಿಯನ್ನು ಸಂಪರ್ಕಿಸುವಂತೆ ಜಿಲ್ಲಾಧಿಕಾರಿ ಕೆ. ಲಕ್ಷ್ಮಿಪ್ರಿಯಾ ತಿಳಿಸಿದ್ದಾರೆ. ಕಾರವಾರದಲ್ಲಿ ಮುಂದುವರಿದ ಮಳೆಯ ಅಬ್ಬರ: ಕಾರವಾರ : ಉತ್ತರ ಕನ್ನಡ ಜಿಲ್ಲೆಯ ಕರಾವಳಿಯಲ್ಲಿ ಉತ್ತಮ ಮಳೆಯಾಗಿದೆ. ಹೊನ್ನಾವರದ ವ್ಯಾಪ್ತಿಯಲ್ಲಿ 101 ಮಿಲಿ ಮೀಟರ್ , ಮಳೆ ಸುರಿದಿದೆ. ಅಂಕೋಲಾದಲ್ಲಿ 70 ಭಟ್ಕಳದಲ್ಲಿ II, ಕಾರವಾರ 78, ಕುಮಟಾದಲ್ಲಿ 78, ಸಿದ್ದಾಪುರ 54 , ಶಿರಸಿ 18, ದಾಂಡೇಲಿಯಲ್ಲಿ 28 ಮಿಲಿ ಮೀಟರ್ ಮಳೆ ಸುರಿದಿದೆ. ಜು.ಒಂದರ ತನಕ ಆರೆಂಜ್ ಅಲರ್ಟ್ ಘೋಷಿಸಲಾಗಿದೆ. ಮಳೆ ಕರಾವಳಿಯಲ್ಲಿ ಮುಂದುವರಿಯಲಿದೆ ಎಂದು ಹವಾಮಾನ ಇಲಾಖೆ ತಿಳಿಸಿದೆ.
ರೈತರಿಗೆ ಹವಾಮಾನ, ಮಳೆ ಆಧಾರದ ಮೇಲೆ ಬೆಳೆ ಬೆಳೆಯುವಂತೆ ಮಾಹಿತಿ ನೀಡಿ:ಅಧಿಕಾರಿಗಳಿಗೆ ಸಚಿವ ಯತೀಂದ್ರ ಸಿದ್ದರಾಮಯ್ಯ ಸೂಚನೆ
ದೂರ ದೃಷ್ಟಿ ವಾರ್ತಾ ಮೈಸೂರು: ಜಿಲ್ಲೆಯಲ್ಲಿ ಪೂರ್ವ ಮುಂಗಾರಿನಲ್ಲಿ ಮಳೆಯ ಕೊರತೆಯಾಗಿದ್ದು, ಮುಂದಿನ ದಿನಗಳಲ್ಲಿ ರೈತರಿಗೆ ಹವಾಮಾನ, ಮಳೆಯ ಆಧಾರದ ಮೇಲೆ ಬೆಳೆ ಬೆಳೆಯಲು ಸಲಹೆ ನೀಡುವಂತೆ ಸಚಿವ ಡಾ. ಯತೀಂದ್ರ ಸಿದ್ದರಾಮಯ್ಯ ಅವರು ಅಧಿಕಾರಿಗಳಿಗೆ ಸೂಚಿಸಿದರು. ಭಾನುವಾರ ಜಿಲ್ಲಾ ಪಂಚಾಯತ್ ಸಭಾಂಗಣದಲ್ಲಿ ಕುಡಿಯುವ ನೀರು ಹಾಗೂ ಮುಂಗಾರು ಪರಿಸ್ಥಿತಿಯ ಪ್ರಗತಿ ಪರಿಶೀಲನೆ ನಡೆಸಿ ಮಾತನಾಡಿದ ಅವರು, ಮುಂದಿನ ತಿಂಗಳುಗಳಲ್ಲಿ ಮಳೆಯ ಕೊರತೆ ಉಂಟಾಗುವ ಸಾಧ್ಯತೆ ಇದ್ದು, ರೈತರು ನೀರಿನ ಬೇಡಿಕೆ ಹೆಚ್ಚಿರುವ ಬೆಳೆಗಳನ್ನು ಬೆಳೆಯದೇ, ಕಡಿಮೆ ನೀರಿನಲ್ಲಿ ಬೆಳೆಯಬಹುದಾದ ಜೋಳ, ರಾಗಿ, ಕಾಳುಗಳನ್ನು ಬೆಳೆಯಲು ಪ್ರೋತ್ಸಾಹಿಸಿ ಜಾಗೃತಿ ಮೂಡಿಸುವಂತೆ ತಿಳಿಸಿದರು. ಹೆಚ್.ಡಿ.ಕೋಟೆ, ಪಿರಿಯಾಪಟ್ಟಣ ಭಾಗದಲ್ಲಿ ಬೆಳೆದಿರುವ ಜೋಳದ ಬೆಳೆಯಲ್ಲಿ ಬಿಳಿಸುಳಿ ರೋಗ ಕಂಡುಬಂದಿದ್ದು, ಇದಕ್ಕೆ ನೀಡಬೇಕಿರುವ ಔಷಧೋಪಚಾರ ಕುರಿತು ಹಾಗೂ ಬೆಳೆ ಪರಿವರ್ತನೆ ಕುರಿತು ಜಾಗೃತಿ ಮೂಡಿಸಿ ಎಂದು ಸಚಿವರು ಅಧಿಕಾರಿಗಳಿಗೆ ಹೇಳಿದರು. ಮಳೆ ಕೊರತೆಯ ಹಿನ್ನೆಲೆಯಲ್ಲಿ ಹೊಸ ಬೋರ್‌ವೆಲ್‌ಗಳನ್ನು ಕೊರೆಯುವ, ನೀರಿನ ಪೈಪ್‌ಲೈನ್ ಕಾಮಗಾರಿಗಳು ನಡೆಯುತ್ತಿವೆ. ಈ ಸಂದರ್ಭದಲ್ಲಿ ಅರಣ್ಯ ಇಲಾಖೆ ಅವರು ವಿಳಂಬ ಮಾಡದೇ ನಿಯಮಾನುಸಾರ ಅನುಮತಿ ನೀಡಬೇಕು. ಅಗ್ನಿಶಾಮಕ ಇಲಾಖೆ ಹಾಗೂ ಅರಣ್ಯ ಇಲಾಖೆ ಅವರು ಅಗ್ನಿ ಅವಘಡಗಳಿಗೆ ಸಂಬಂಧಿಸಿದಂತೆ ಮುನ್ನೆಚ್ಚರಿಕೆ ಕ್ರಮಗಳನ್ನು ಅನುಸರಿಸಬೇಕು ಎಂದು ಅವರು ಸೂಚನೆ ನೀಡಿದರು. ಕುಡಿಯುವ ನೀರಿನ ಸಮಸ್ಯೆಗಳು ವಾಸ್ತವವಾಗಿ ಬೇರೆ ಹಾಗೂ ಅಧಿಕಾರಿಗಳು ನೀಡುವ ವಿವರ ಬೇರೆ ಬೇರೆ ಇರಬಾರದು. ಅಧಿಕಾರಿಗಳು ಆಗಿಂದಾಗ್ಗೆ ಕುಡಿಯುವ ನೀರಿನ ಸಮಸ್ಯೆ ಇರುವ ಸ್ಥಳಗಳಿಗೆ ಭೇಟಿ ನೀಡಬೇಕು. ಬೋರ್‌ವೆಲ್ ವ್ಯವಸ್ಥೆ ಇಲ್ಲದೆ ಇರುವ ಸ್ಥಳಗಳಲ್ಲಿ ಖಾಸಗಿ ಬೋರ್‌ವೆಲ್ ಹಾಗೂ ಟ್ಯಾಂಕರ್ ವ್ಯವಸ್ಥೆ ಮಾಡಿಕೊಳ್ಳಬೇಕು ಎಂದು ಸಚಿವ ಯತೀಂದ್ರ ಸಿದ್ದರಾಮಯ್ಯ ಹೇಳಿದರು.
